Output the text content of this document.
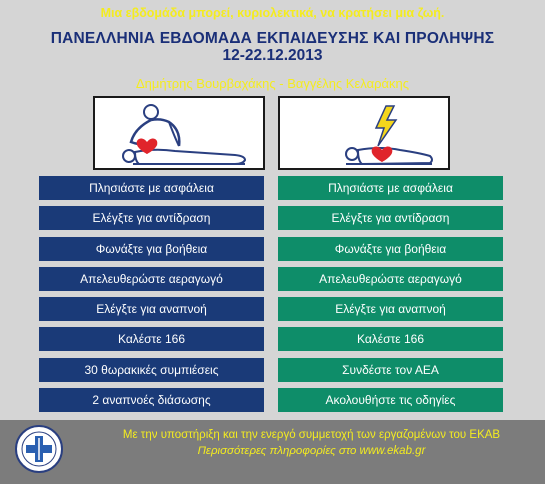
Μια εβδομάδα μπορεί, κυριολεκτικά, να κρατήσει μια ζωή.
ΠΑΝΕΛΛΗΝΙΑ ΕΒΔΟΜΑΔΑ ΕΚΠΑΙΔΕΥΣΗΣ ΚΑΙ ΠΡΟΛΗΨΗΣ
12-22.12.2013
Δημήτρης Βουρβαχάκης - Βαγγέλης Κελαράκης
Πλησιάστε με ασφάλεια
Ελέγξτε για αντίδραση
Φωνάξτε για βοήθεια
Απελευθερώστε αεραγωγό
Ελέγξτε για αναπνοή
Καλέστε 166
30 θωρακικές συμπιέσεις
2 αναπνοές διάσωσης
Πλησιάστε με ασφάλεια
Ελέγξτε για αντίδραση
Φωνάξτε για βοήθεια
Απελευθερώστε αεραγωγό
Ελέγξτε για αναπνοή
Καλέστε 166
Συνδέστε τον ΑΕΑ
Ακολουθήστε τις οδηγίες
Με την υποστήριξη και την ενεργό συμμετοχή των εργαζομένων του ΕΚΑΒ
Περισσότερες πληροφορίες στο www.ekab.gr
